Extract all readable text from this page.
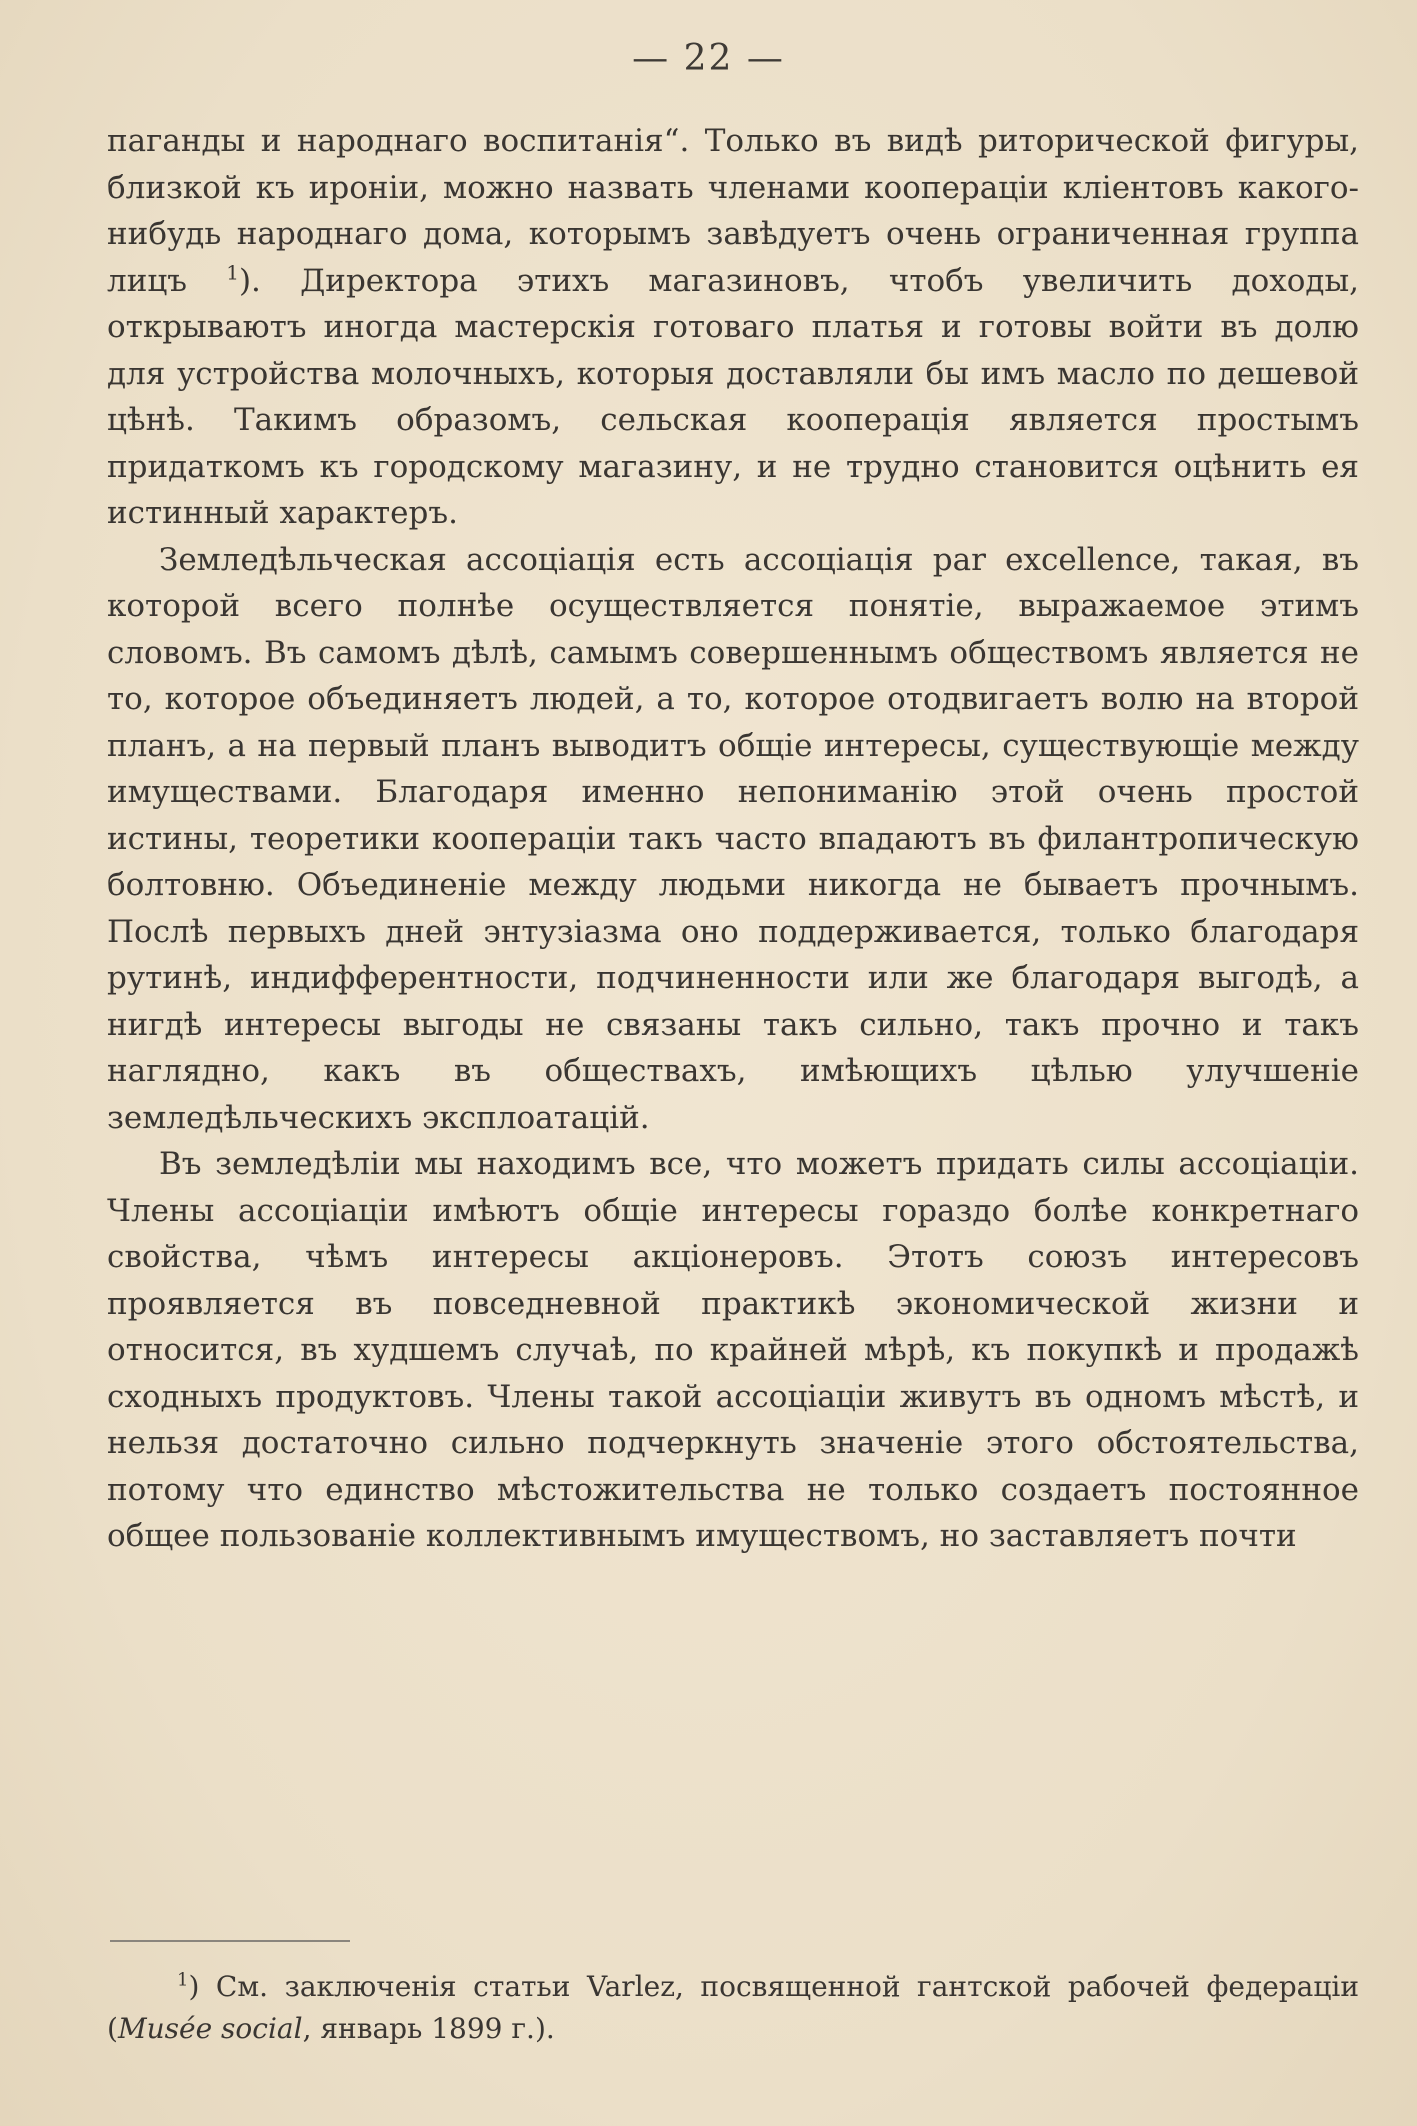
— 22 —

паганды и народнаго воспитанія“. Только въ видѣ риторической фигуры, близкой къ ироніи, можно назвать членами коопераціи кліентовъ какого-нибудь народнаго дома, которымъ завѣдуетъ очень ограниченная группа лицъ $^1$). Директора этихъ магазиновъ, чтобъ увеличить доходы, открываютъ иногда мастерскія готоваго платья и готовы войти въ долю для устройства молочныхъ, которыя доставляли бы имъ масло по дешевой цѣнѣ. Такимъ образомъ, сельская кооперація является простымъ придаткомъ къ городскому магазину, и не трудно становится оцѣнить ея истинный характеръ.

Земледѣльческая ассоціація есть ассоціація par excellence, такая, въ которой всего полнѣе осуществляется понятіе, выражаемое этимъ словомъ. Въ самомъ дѣлѣ, самымъ совершеннымъ обществомъ является не то, которое объединяетъ людей, а то, которое отодвигаетъ волю на второй планъ, а на первый планъ выводитъ общіе интересы, существующіе между имуществами. Благодаря именно непониманію этой очень простой истины, теоретики коопераціи такъ часто впадаютъ въ филантропическую болтовню. Объединеніе между людьми никогда не бываетъ прочнымъ. Послѣ первыхъ дней энтузіазма оно поддерживается, только благодаря рутинѣ, индифферентности, подчиненности или же благодаря выгодѣ, а нигдѣ интересы выгоды не связаны такъ сильно, такъ прочно и такъ наглядно, какъ въ обществахъ, имѣющихъ цѣлью улучшеніе земледѣльческихъ эксплоатацій.

Въ земледѣліи мы находимъ все, что можетъ придать силы ассоціаціи. Члены ассоціаціи имѣютъ общіе интересы гораздо болѣе конкретнаго свойства, чѣмъ интересы акціонеровъ. Этотъ союзъ интересовъ проявляется въ повседневной практикѣ экономической жизни и относится, въ худшемъ случаѣ, по крайней мѣрѣ, къ покупкѣ и продажѣ сходныхъ продуктовъ. Члены такой ассоціаціи живутъ въ одномъ мѣстѣ, и нельзя достаточно сильно подчеркнуть значеніе этого обстоятельства, потому что единство мѣстожительства не только создаетъ постоянное общее пользованіе коллективнымъ имуществомъ, но заставляетъ почти

$^1$) См. заключенія статьи Varlez, посвященной гантской рабочей федераціи (Musée social, январь 1899 г.).
